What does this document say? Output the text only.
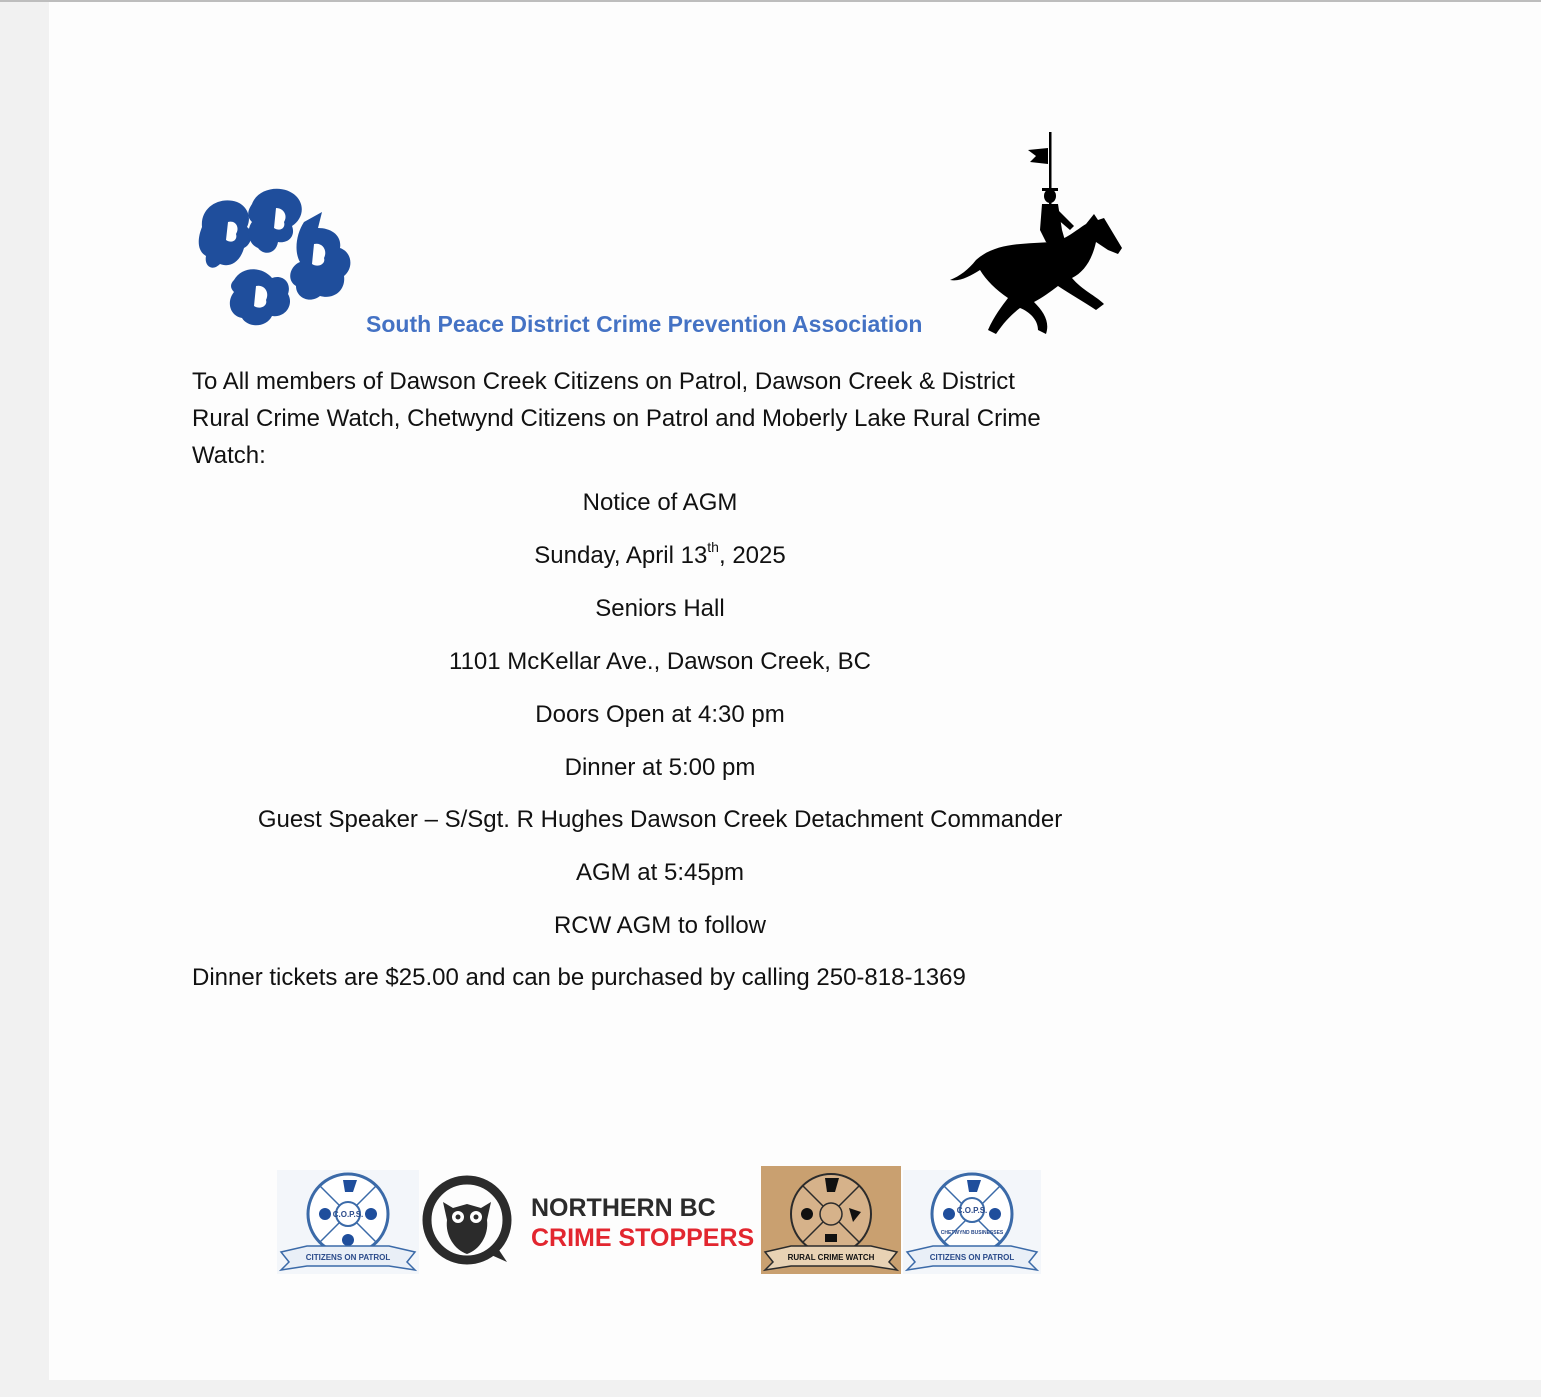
South Peace District Crime Prevention Association
To All members of Dawson Creek Citizens on Patrol, Dawson Creek & District
Rural Crime Watch, Chetwynd Citizens on Patrol and Moberly Lake Rural Crime
Watch:
Notice of AGM
Sunday, April 13th, 2025
Seniors Hall
1101 McKellar Ave., Dawson Creek, BC
Doors Open at 4:30 pm
Dinner at 5:00 pm
Guest Speaker – S/Sgt. R Hughes Dawson Creek Detachment Commander
AGM at 5:45pm
RCW AGM to follow
Dinner tickets are $25.00 and can be purchased by calling 250-818-1369
C.O.P.S.
CITIZENS ON PATROL
NORTHERN BC
CRIME STOPPERS
RURAL CRIME WATCH
C.O.P.S.
CHETWYND BUSINESSES
CITIZENS ON PATROL
